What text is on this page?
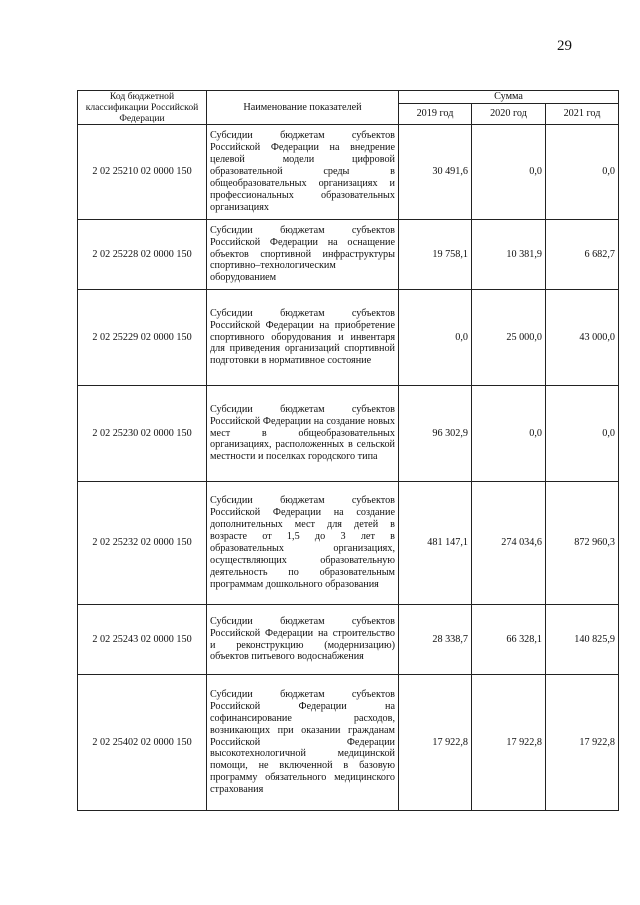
29
Код бюджетной классификации Российской Федерации	Наименование показателей	Сумма		
		2019 год	2020 год	2021 год
2 02 25210 02 0000 150	Субсидии бюджетам субъектов Российской Федерации на внедрение целевой модели цифровой образовательной среды в общеобразовательных организациях и профессиональных образовательных организациях	30 491,6	0,0	0,0
2 02 25228 02 0000 150	Субсидии бюджетам субъектов Российской Федерации на оснащение объектов спортивной инфраструктуры спортивно–технологическим оборудованием	19 758,1	10 381,9	6 682,7
2 02 25229 02 0000 150	Субсидии бюджетам субъектов Российской Федерации на приобретение спортивного оборудования и инвентаря для приведения организаций спортивной подготовки в нормативное состояние	0,0	25 000,0	43 000,0
2 02 25230 02 0000 150	Субсидии бюджетам субъектов Российской Федерации на создание новых мест в общеобразовательных организациях, расположенных в сельской местности и поселках городского типа	96 302,9	0,0	0,0
2 02 25232 02 0000 150	Субсидии бюджетам субъектов Российской Федерации на создание дополнительных мест для детей в возрасте от 1,5 до 3 лет в образовательных организациях, осуществляющих образовательную деятельность по образовательным программам дошкольного образования	481 147,1	274 034,6	872 960,3
2 02 25243 02 0000 150	Субсидии бюджетам субъектов Российской Федерации на строительство и реконструкцию (модернизацию) объектов питьевого водоснабжения	28 338,7	66 328,1	140 825,9
2 02 25402 02 0000 150	Субсидии бюджетам субъектов Российской Федерации на софинансирование расходов, возникающих при оказании гражданам Российской Федерации высокотехнологичной медицинской помощи, не включенной в базовую программу обязательного медицинского страхования	17 922,8	17 922,8	17 922,8
